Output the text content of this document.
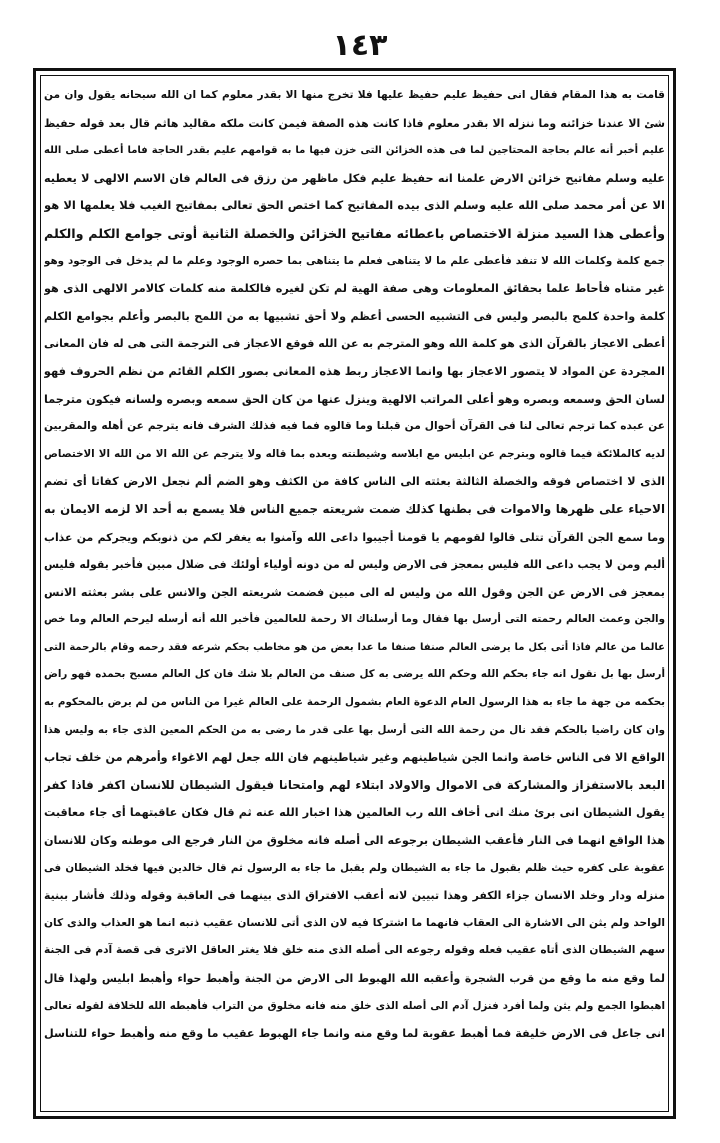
١٤٣
قامت به هذا المقام فقال انى حفيظ عليم حفيظ عليها فلا تخرج منها الا بقدر معلوم كما ان الله سبحانه يقول وان من
شئ الا عندنا خزائنه وما ننزله الا بقدر معلوم فاذا كانت هذه الصفة فيمن كانت ملكه مقاليد هاثم قال بعد قوله حفيظ
عليم أخبر أنه عالم بحاجة المحتاجين لما فى هذه الخزائن التى خزن فيها ما به قوامهم عليم بقدر الحاجة فاما أعطى صلى الله
عليه وسلم مفاتيح خزائن الارض علمنا انه حفيظ عليم فكل ماظهر من رزق فى العالم فان الاسم الالهى لا يعطيه
الا عن أمر محمد صلى الله عليه وسلم الذى بيده المفاتيح كما اختص الحق تعالى بمفاتيح الغيب فلا يعلمها الا هو
وأعطى هذا السيد منزلة الاختصاص باعطائه مفاتيح الخزائن والخصلة الثانية أوتى جوامع الكلم والكلم
جمع كلمة وكلمات الله لا تنفد فأعطى علم ما لا يتناهى فعلم ما يتناهى بما حصره الوجود وعلم ما لم يدخل فى الوجود وهو
غير متناه فأحاط علما بحقائق المعلومات وهى صفة الهية لم تكن لغيره فالكلمة منه كلمات كالامر الالهى الذى هو
كلمة واحدة كلمح بالبصر وليس فى التشبيه الحسى أعظم ولا أحق تشبيها به من اللمح بالبصر وأعلم بجوامع الكلم
أعطى الاعجاز بالقرآن الذى هو كلمة الله وهو المترجم به عن الله فوقع الاعجاز فى الترجمة التى هى له فان المعانى
المجردة عن المواد لا يتصور الاعجاز بها وانما الاعجاز ربط هذه المعانى بصور الكلم القائم من نظم الحروف فهو
لسان الحق وسمعه وبصره وهو أعلى المراتب الالهية وينزل عنها من كان الحق سمعه وبصره ولسانه فيكون مترجما
عن عبده كما ترجم تعالى لنا فى القرآن أحوال من قبلنا وما قالوه فما فيه فذلك الشرف فانه يترجم عن أهله والمقربين
لديه كالملائكة فيما قالوه وبترجم عن ابليس مع ابلاسه وشيطنته وبعده بما قاله ولا يترجم عن الله الا من الله الا الاختصاص
الذى لا اختصاص فوقه والخصلة الثالثة بعثته الى الناس كافة من الكثف وهو الضم ألم نجعل الارض كفاتا أى تضم
الاحياء على ظهرها والاموات فى بطنها كذلك ضمت شريعته جميع الناس فلا يسمع به أحد الا لزمه الايمان به
وما سمع الجن القرآن تتلى قالوا لقومهم يا قومنا أجيبوا داعى الله وآمنوا به يغفر لكم من ذنوبكم ويجركم من عذاب
أليم ومن لا يجب داعى الله فليس بمعجز فى الارض وليس له من دونه أولياء أولئك فى ضلال مبين فأخبر بقوله فليس
بمعجز فى الارض عن الجن وقول الله من وليس له الى مبين فضمت شريعته الجن والانس على بشر بعثته الانس
والجن وعمت العالم رحمته التى أرسل بها فقال وما أرسلناك الا رحمة للعالمين فأخبر الله أنه أرسله ليرحم العالم وما خص
عالما من عالم فاذا أتى بكل ما يرضى العالم صنفا صنفا ما عدا بعض من هو مخاطب بحكم شرعه فقد رحمه وقام بالرحمة التى
أرسل بها بل نقول انه جاء بحكم الله وحكم الله يرضى به كل صنف من العالم بلا شك فان كل العالم مسبح بحمده فهو راض
بحكمه من جهة ما جاء به هذا الرسول العام الدعوة العام بشمول الرحمة على العالم غيرا من الناس من لم يرض بالمحكوم به
وان كان راضيا بالحكم فقد نال من رحمة الله التى أرسل بها على قدر ما رضى به من الحكم المعين الذى جاء به وليس هذا
الواقع الا فى الناس خاصة وانما الجن شياطينهم وغير شياطينهم فان الله جعل لهم الاغواء وأمرهم من خلف تجاب
البعد بالاستفزاز والمشاركة فى الاموال والاولاد ابتلاء لهم وامتحانا فيقول الشيطان للانسان اكفر فاذا كفر
يقول الشيطان انى برئ منك انى أخاف الله رب العالمين هذا اخبار الله عنه ثم قال فكان عاقبتهما أى جاء معاقبت
هذا الواقع انهما فى النار فأعقب الشيطان برجوعه الى أصله فانه مخلوق من النار فرجع الى موطنه وكان للانسان
عقوبة على كفره حيث ظلم بقبول ما جاء به الشيطان ولم يقبل ما جاء به الرسول ثم قال خالدين فيها فخلد الشيطان فى
منزله ودار وخلد الانسان جزاء الكفر وهذا تبيين لانه أعقب الافتراق الذى بينهما فى العاقبة وقوله وذلك فأشار ببنية
الواحد ولم يثن الى الاشارة الى العقاب فانهما ما اشتركا فيه لان الذى أتى للانسان عقيب ذنبه انما هو العذاب والذى كان
سهم الشيطان الذى أتاه عقيب فعله وقوله رجوعه الى أصله الذى منه خلق فلا يغتر العاقل الاترى فى قصة آدم فى الجنة
لما وقع منه ما وقع من قرب الشجرة وأعقبه الله الهبوط الى الارض من الجنة وأهبط حواء وأهبط ابليس ولهذا قال
اهبطوا الجمع ولم يثن ولما أفرد فنزل آدم الى أصله الذى خلق منه فانه مخلوق من التراب فأهبطه الله للخلافة لقوله تعالى
انى جاعل فى الارض خليفة فما أهبط عقوبة لما وقع منه وانما جاء الهبوط عقيب ما وقع منه وأهبط حواء للتناسل
